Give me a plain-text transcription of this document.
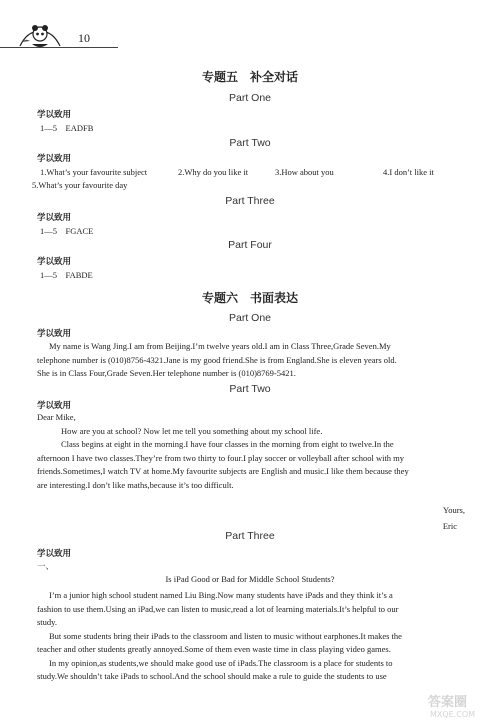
10
专题五　补全对话
Part One
学以致用
1—5　EADFB
Part Two
学以致用
1.What’s your favourite subject	2.Why do you like it	3.How about you	4.I don’t like it
5.What’s your favourite day
Part Three
学以致用
1—5　FGACE
Part Four
学以致用
1—5　FABDE
专题六　书面表达
Part One
学以致用

My name is Wang Jing.I am from Beijing.I’m twelve years old.I am in Class Three,Grade Seven.My

telephone number is (010)8756-4321.Jane is my good friend.She is from England.She is eleven years old.

She is in Class Four,Grade Seven.Her telephone number is (010)8769-5421.

Part Two
学以致用

Dear Mike,

How are you at school? Now let me tell you something about my school life.

Class begins at eight in the morning.I have four classes in the morning from eight to twelve.In the

afternoon I have two classes.They’re from two thirty to four.I play soccer or volleyball after school with my

friends.Sometimes,I watch TV at home.My favourite subjects are English and music.I like them because they

are interesting.I don’t like maths,because it’s too difficult.

Yours,

Eric

Part Three
学以致用
一、
Is iPad Good or Bad for Middle School Students?

I’m a junior high school student named Liu Bing.Now many students have iPads and they think it’s a

fashion to use them.Using an iPad,we can listen to music,read a lot of learning materials.It’s helpful to our

study.

But some students bring their iPads to the classroom and listen to music without earphones.It makes the

teacher and other students greatly annoyed.Some of them even waste time in class playing video games.

In my opinion,as students,we should make good use of iPads.The classroom is a place for students to

study.We shouldn’t take iPads to school.And the school should make a rule to guide the students to use

答案圈
MXQE.COM
